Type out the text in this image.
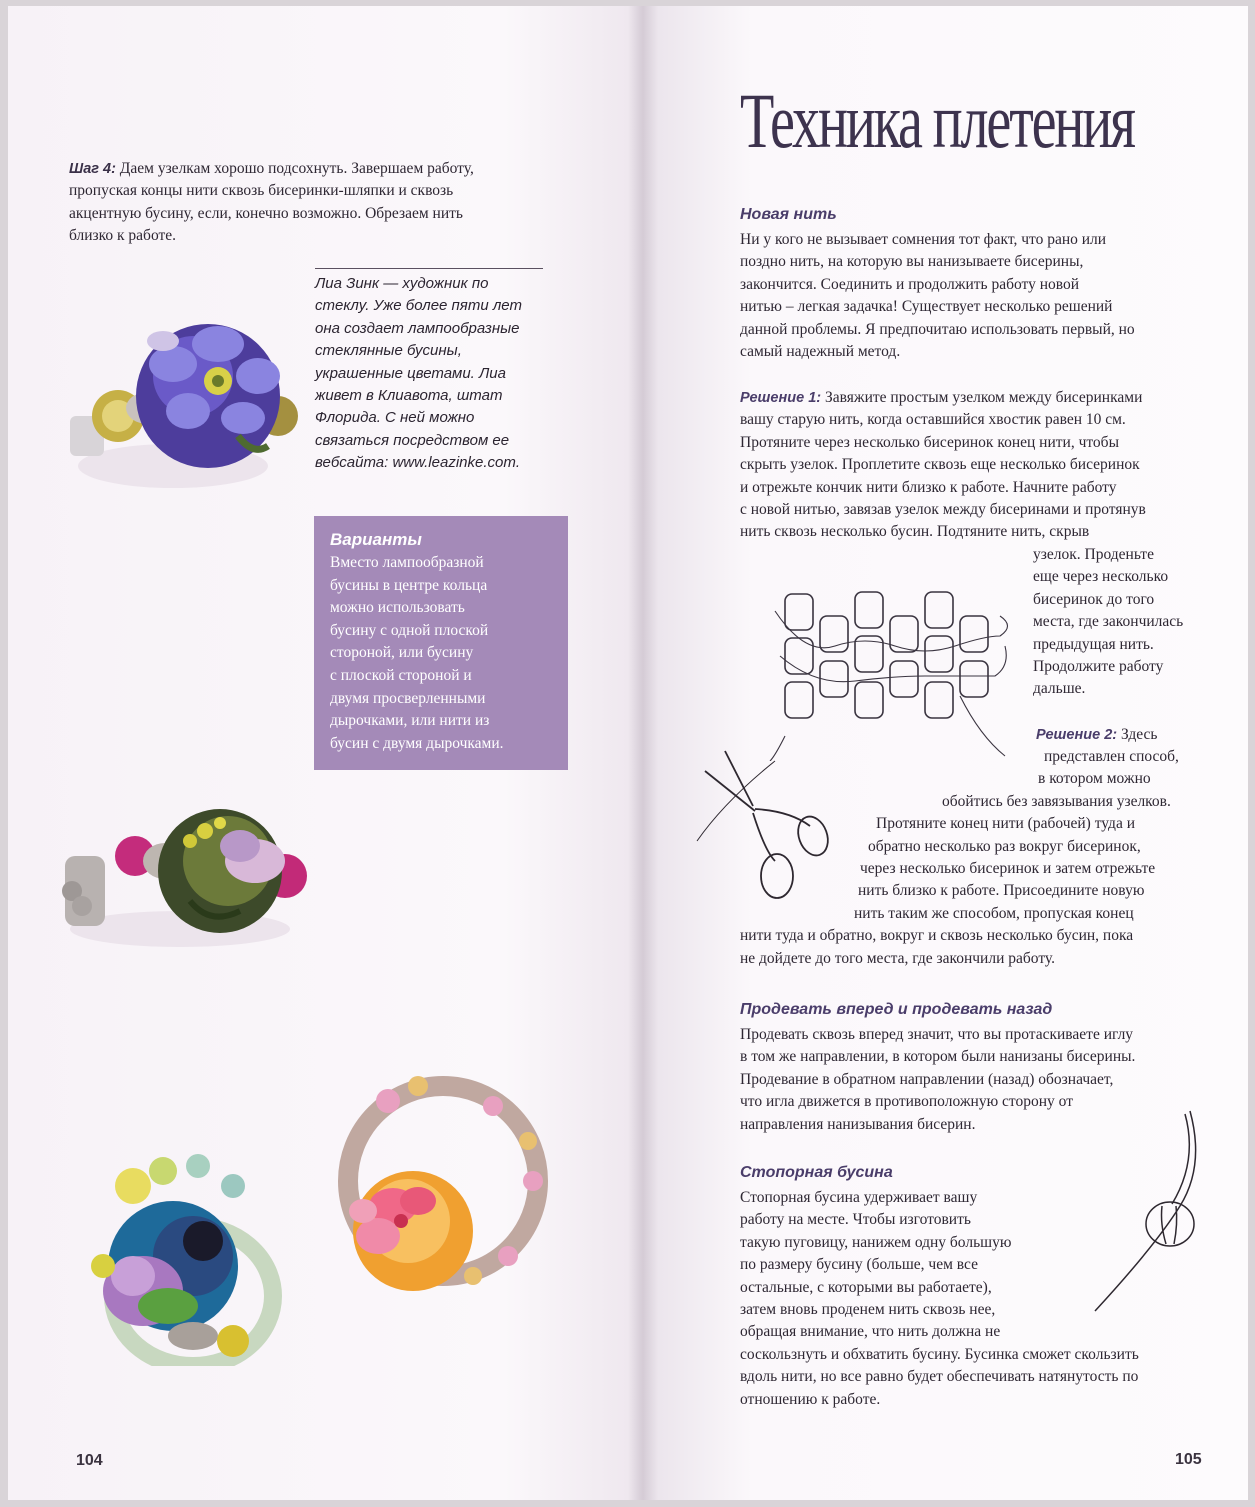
Шаг 4: Даем узелкам хорошо подсохнуть. Завершаем работу,
пропуская концы нити сквозь бисеринки-шляпки и сквозь
акцентную бусину, если, конечно возможно. Обрезаем нить
близко к работе.
Лиа Зинк — художник по
стеклу. Уже более пяти лет
она создает лампообразные
стеклянные бусины,
украшенные цветами. Лиа
живет в Клиавота, штат
Флорида. С ней можно
связаться посредством ее
вебсайта: www.leazinke.com.
Варианты

Вместо лампообразной
бусины в центре кольца
можно использовать
бусину с одной плоской
стороной, или бусину
с плоской стороной и
двумя просверленными
дырочками, или нити из
бусин с двумя дырочками.

104
Техника плетения
Новая нить
Ни у кого не вызывает сомнения тот факт, что рано или
поздно нить, на которую вы нанизываете бисерины,
закончится. Соединить и продолжить работу новой
нитью – легкая задачка! Существует несколько решений
данной проблемы. Я предпочитаю использовать первый, но
самый надежный метод.
Решение 1: Завяжите простым узелком между бисеринками
вашу старую нить, когда оставшийся хвостик равен 10 см.
Протяните через несколько бисеринок конец нити, чтобы
скрыть узелок. Проплетите сквозь еще несколько бисеринок
и отрежьте кончик нити близко к работе. Начните работу
с новой нитью, завязав узелок между бисеринами и протянув
нить сквозь несколько бусин. Подтяните нить, скрыв
узелок. Проденьте
еще через несколько
бисеринок до того
места, где закончилась
предыдущая нить.
Продолжите работу
дальше.
Решение 2: Здесь
представлен способ,
в котором можно
обойтись без завязывания узелков.
Протяните конец нити (рабочей) туда и
обратно несколько раз вокруг бисеринок,
через несколько бисеринок и затем отрежьте
нить близко к работе. Присоедините новую
нить таким же способом, пропуская конец
нити туда и обратно, вокруг и сквозь несколько бусин, пока
не дойдете до того места, где закончили работу.
Продевать вперед и продевать назад
Продевать сквозь вперед значит, что вы протаскиваете иглу
в том же направлении, в котором были нанизаны бисерины.
Продевание в обратном направлении (назад) обозначает,
что игла движется в противоположную сторону от
направления нанизывания бисерин.
Стопорная бусина
Стопорная бусина удерживает вашу
работу на месте. Чтобы изготовить
такую пуговицу, нанижем одну большую
по размеру бусину (больше, чем все
остальные, с которыми вы работаете),
затем вновь проденем нить сквозь нее,
обращая внимание, что нить должна не
соскользнуть и обхватить бусину. Бусинка сможет скользить
вдоль нити, но все равно будет обеспечивать натянутость по
отношению к работе.
105
